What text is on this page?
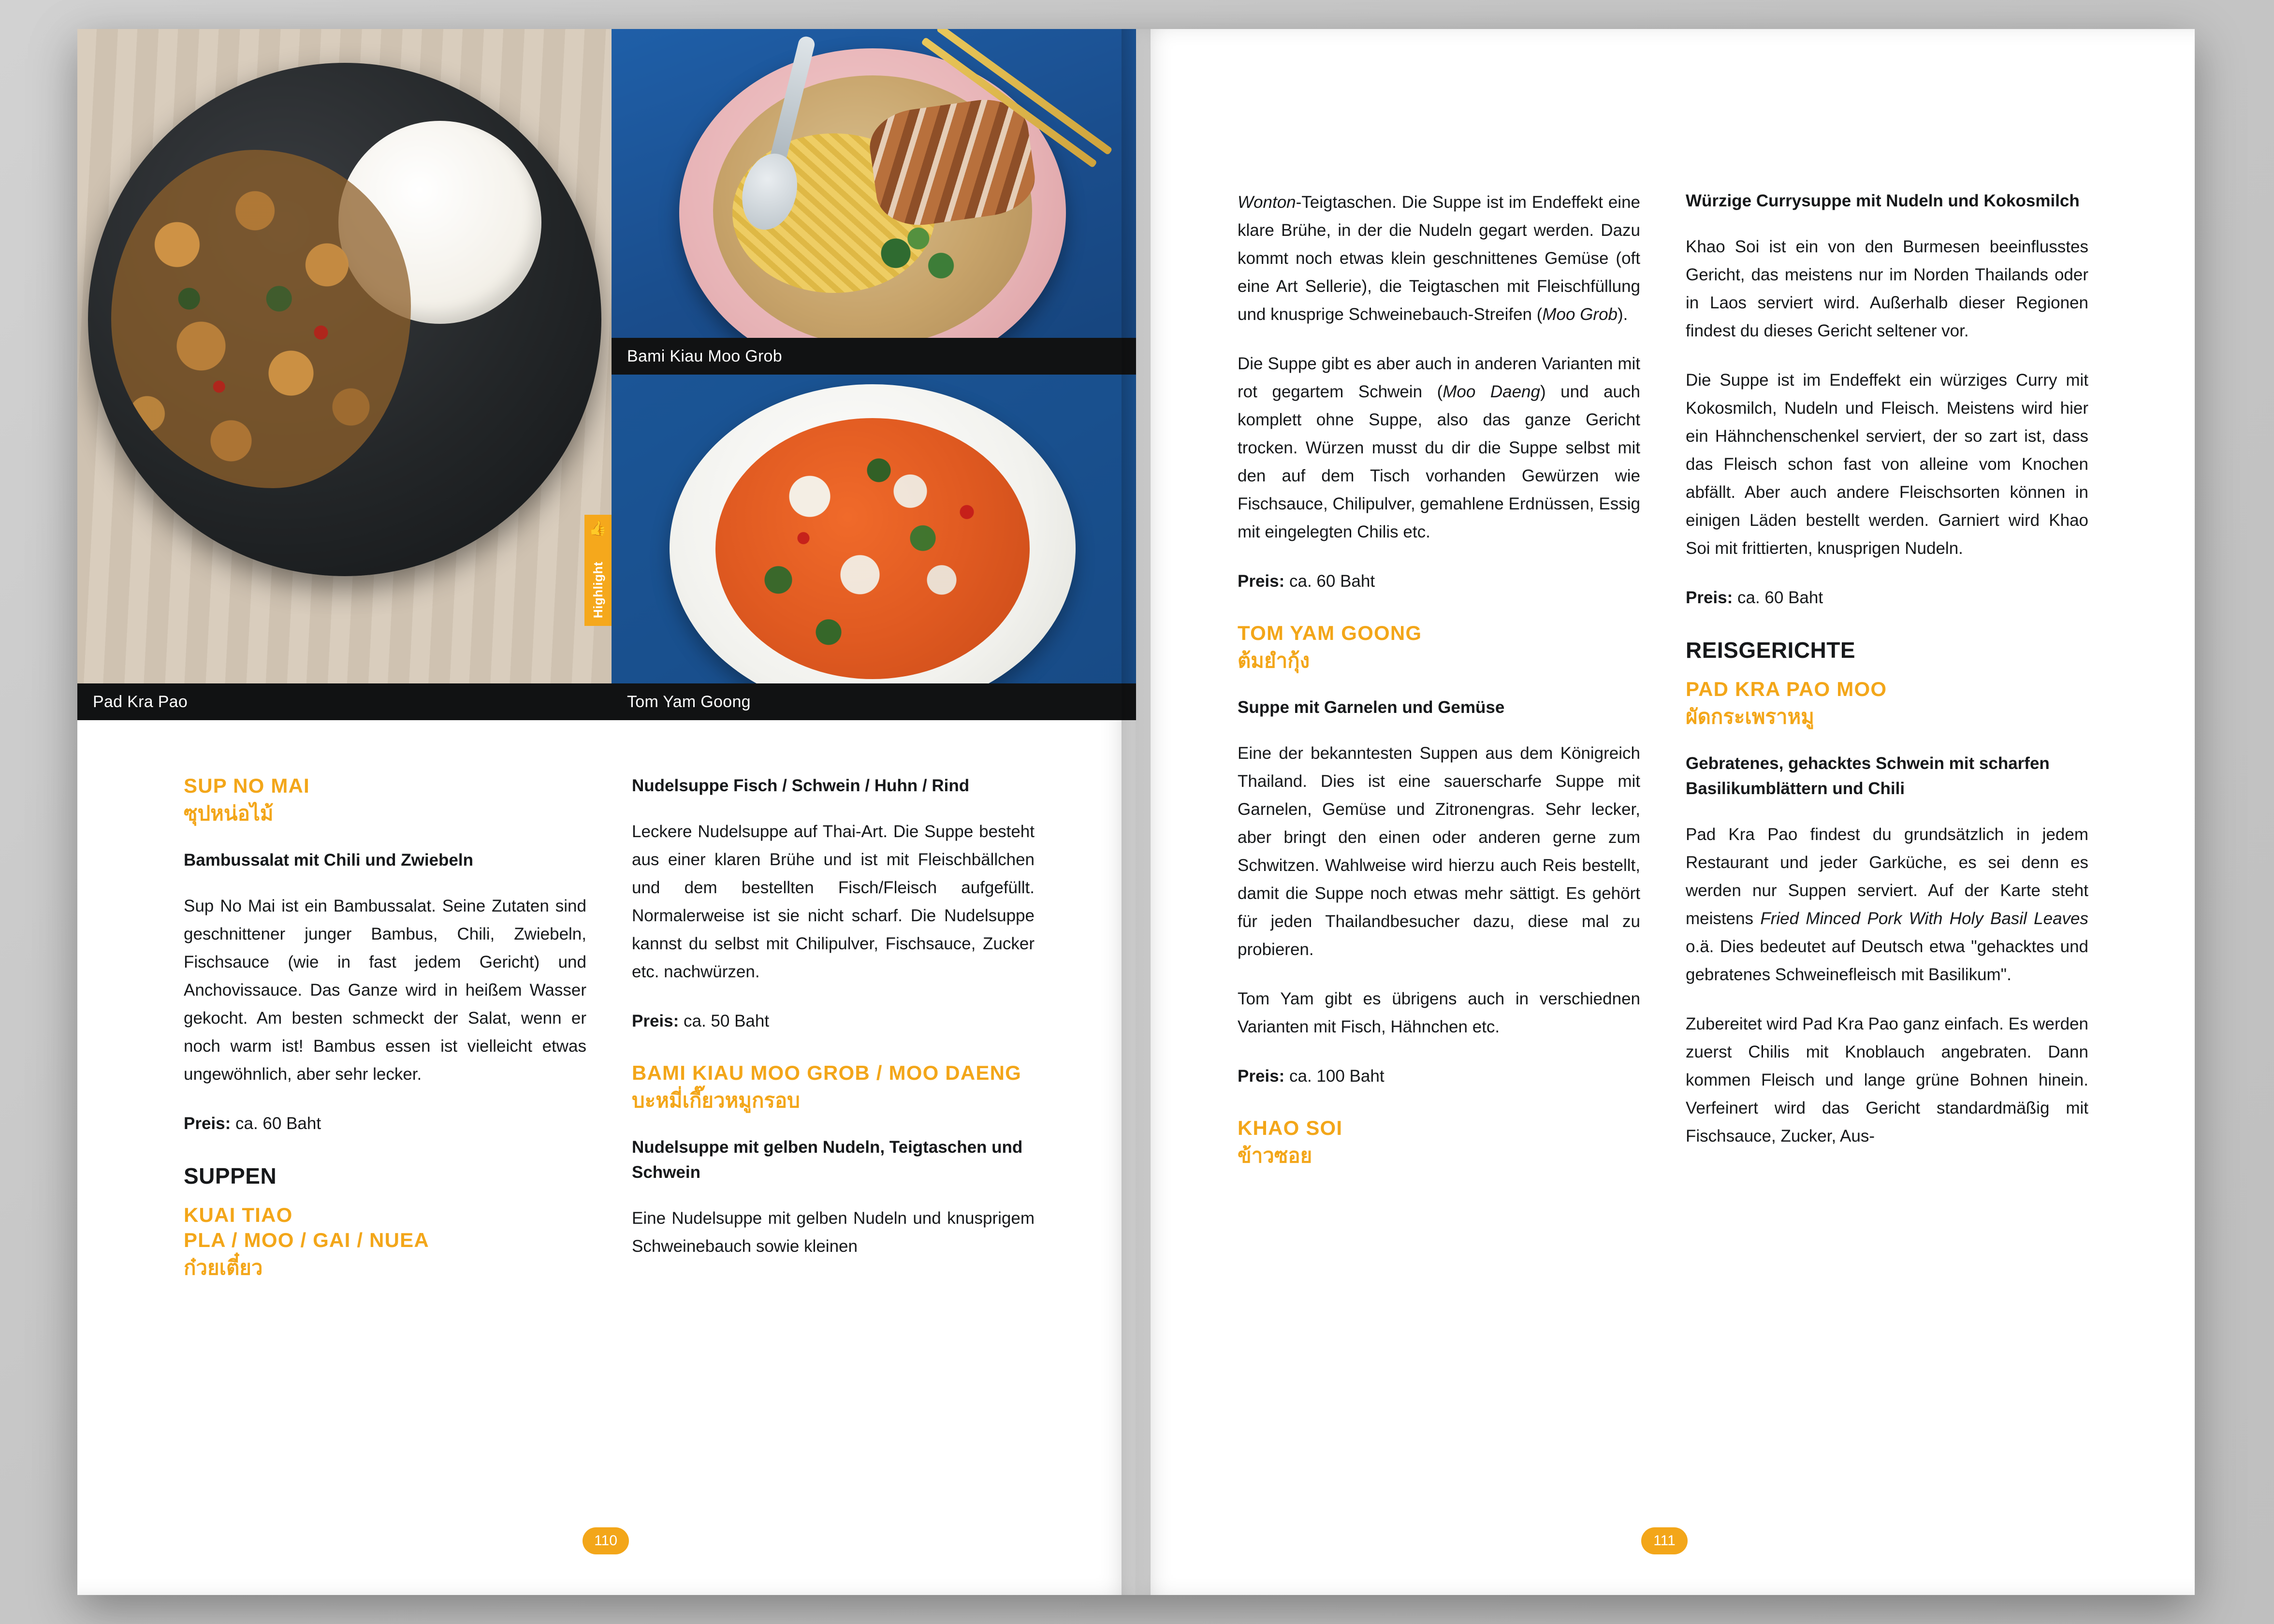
👍
Highlight
Pad Kra Pao
Bami Kiau Moo Grob
Tom Yam Goong
SUP NO MAI
ซุปหน่อไม้

Bambussalat mit Chili und Zwiebeln

Sup No Mai ist ein Bambussalat. Seine Zutaten sind geschnittener junger Bambus, Chili, Zwiebeln, Fischsauce (wie in fast jedem Gericht) und Anchovissauce. Das Ganze wird in heißem Wasser gekocht. Am besten schmeckt der Salat, wenn er noch warm ist! Bambus essen ist vielleicht etwas ungewöhnlich, aber sehr lecker.

Preis: ca. 60 Baht

SUPPEN
KUAI TIAO
PLA / MOO / GAI / NUEA
ก๋วยเตี๋ยว

Nudelsuppe Fisch / Schwein / Huhn / Rind

Leckere Nudelsuppe auf Thai-Art. Die Suppe besteht aus einer klaren Brühe und ist mit Fleischbällchen und dem bestellten Fisch/Fleisch aufgefüllt. Normalerweise ist sie nicht scharf. Die Nudelsuppe kannst du selbst mit Chilipulver, Fischsauce, Zucker etc. nachwürzen.

Preis: ca. 50 Baht

BAMI KIAU MOO GROB / MOO DAENG
บะหมี่เกี๊ยวหมูกรอบ

Nudelsuppe mit gelben Nudeln, Teigtaschen und Schwein

Eine Nudelsuppe mit gelben Nudeln und knusprigem Schweinebauch sowie kleinen

110

Wonton-Teigtaschen. Die Suppe ist im Endeffekt eine klare Brühe, in der die Nudeln gegart werden. Dazu kommt noch etwas klein geschnittenes Gemüse (oft eine Art Sellerie), die Teigtaschen mit Fleischfüllung und knusprige Schweinebauch-Streifen (Moo Grob).

Die Suppe gibt es aber auch in anderen Varianten mit rot gegartem Schwein (Moo Daeng) und auch komplett ohne Suppe, also das ganze Gericht trocken. Würzen musst du dir die Suppe selbst mit den auf dem Tisch vorhanden Gewürzen wie Fischsauce, Chilipulver, gemahlene Erdnüssen, Essig mit eingelegten Chilis etc.

Preis: ca. 60 Baht

TOM YAM GOONG
ต้มยำกุ้ง

Suppe mit Garnelen und Gemüse

Eine der bekanntesten Suppen aus dem Königreich Thailand. Dies ist eine sauerscharfe Suppe mit Garnelen, Gemüse und Zitronengras. Sehr lecker, aber bringt den einen oder anderen gerne zum Schwitzen. Wahlweise wird hierzu auch Reis bestellt, damit die Suppe noch etwas mehr sättigt. Es gehört für jeden Thailandbesucher dazu, diese mal zu probieren.

Tom Yam gibt es übrigens auch in verschiednen Varianten mit Fisch, Hähnchen etc.

Preis: ca. 100 Baht

KHAO SOI
ข้าวซอย

Würzige Currysuppe mit Nudeln und Kokosmilch

Khao Soi ist ein von den Burmesen beeinflusstes Gericht, das meistens nur im Norden Thailands oder in Laos serviert wird. Außerhalb dieser Regionen findest du dieses Gericht seltener vor.

Die Suppe ist im Endeffekt ein würziges Curry mit Kokosmilch, Nudeln und Fleisch. Meistens wird hier ein Hähnchenschenkel serviert, der so zart ist, dass das Fleisch schon fast von alleine vom Knochen abfällt. Aber auch andere Fleischsorten können in einigen Läden bestellt werden. Garniert wird Khao Soi mit frittierten, knusprigen Nudeln.

Preis: ca. 60 Baht

REISGERICHTE
PAD KRA PAO MOO
ผัดกระเพราหมู

Gebratenes, gehacktes Schwein mit scharfen Basilikumblättern und Chili

Pad Kra Pao findest du grundsätzlich in jedem Restaurant und jeder Garküche, es sei denn es werden nur Suppen serviert. Auf der Karte steht meistens Fried Minced Pork With Holy Basil Leaves o.ä. Dies bedeutet auf Deutsch etwa "gehacktes und gebratenes Schweinefleisch mit Basilikum".

Zubereitet wird Pad Kra Pao ganz einfach. Es werden zuerst Chilis mit Knoblauch angebraten. Dann kommen Fleisch und lange grüne Bohnen hinein. Verfeinert wird das Gericht standardmäßig mit Fischsauce, Zucker, Aus-

111
